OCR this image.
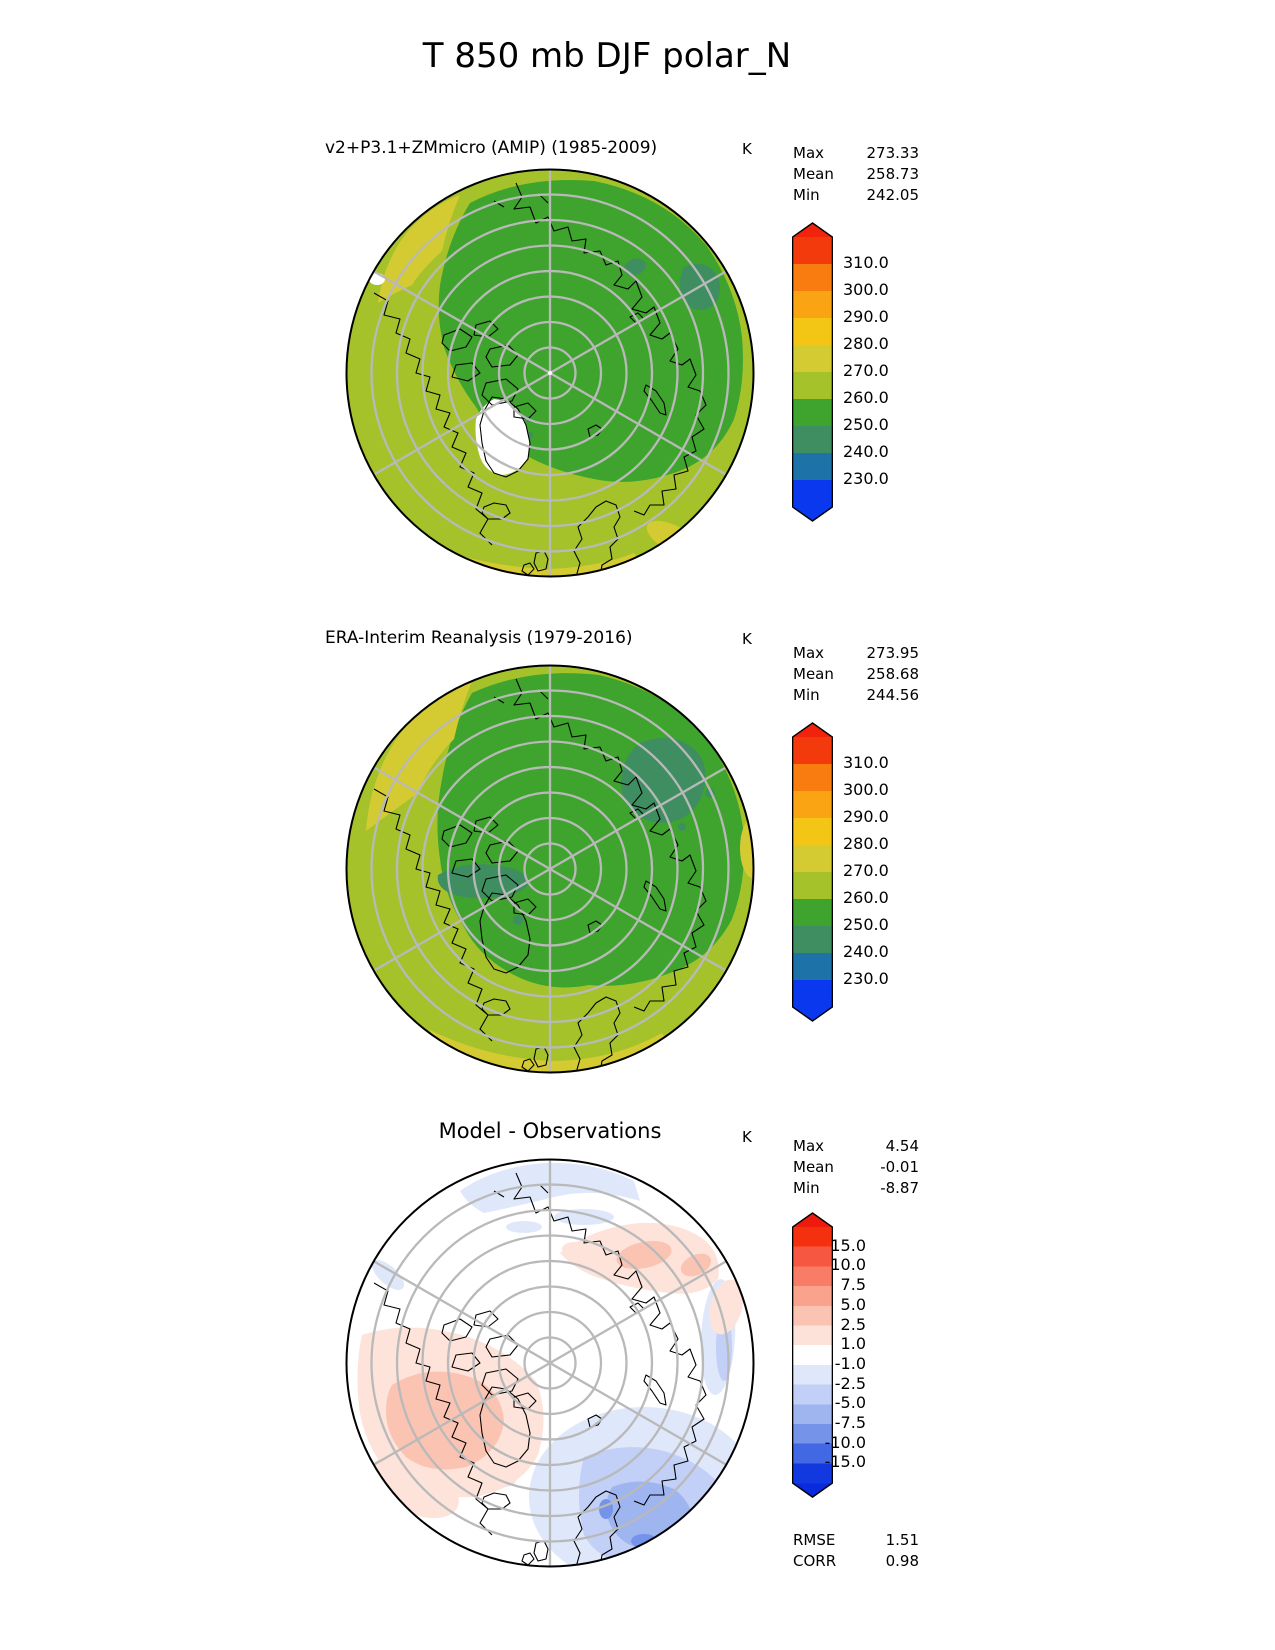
T 850 mb DJF polar_N
v2+P3.1+ZMmicro (AMIP) (1985-2009)	K	Max	273.33
Mean 258.73
Min	242.05
ERA-Interim Reanalysis (1979-2016)	K
Max	273.95
Mean 258.68
Min	244.56
Model - Observations	K	Max	4.54
Mean	-0.01
Min	-8.87
RMSE	1.51
CORR	0.98
310.0
300.0
290.0
280.0
270.0
260.0
250.0
240.0
230.0
310.0
300.0
290.0
280.0
270.0
260.0
250.0
240.0
230.0
15.0
10.0
7.5
5.0
2.5
1.0
-1.0
-2.5
-5.0
-7.5
-10.0
-15.0
